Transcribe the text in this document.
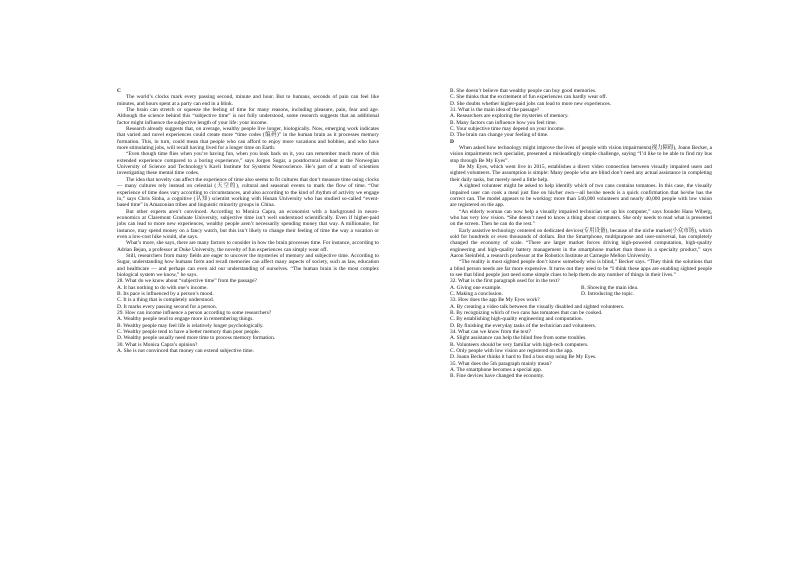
C

The world’s clocks mark every passing second, minute and hour. But to humans, seconds of pain can feel like minutes, and hours spent at a party can end in a blink.

The brain can stretch or squeeze the feeling of time for many reasons, including pleasure, pain, fear and age. Although the science behind this “subjective time” is not fully understood, some research suggests that an additional factor might influence the subjective length of your life: your income.

Research already suggests that, on average, wealthy people live longer, biologically. Now, emerging work indicates that varied and novel experiences could create more “time codes (编码)” in the human brain as it processes memory formation. This, in turn, could mean that people who can afford to enjoy more vacations and hobbies, and who have more stimulating jobs, will recall having lived for a longer time on Earth.

“Even though time flies when you’re having fun, when you look back on it, you can remember much more of this extended experience compared to a boring experience,” says Jorgen Sugar, a postdoctoral student at the Norwegian University of Science and Technology’s Kavli Institute for Systems Neuroscience. He’s part of a team of scientists investigating these mental time codes.

The idea that novelty can affect the experience of time also seems to fit cultures that don’t measure time using clocks — many cultures rely instead on celestial (天空的), cultural and seasonal events to mark the flow of time. “Our experience of time does vary according to circumstances, and also according to the kind of rhythm of activity we engage in,” says Chris Sinha, a cognitive (认知) scientist working with Hunan University who has studied so-called “event-based time” in Amazonian tribes and linguistic minority groups in China.

But other experts aren’t convinced. According to Monica Capra, an economist with a background in neuro-economics at Claremont Graduate University, subjective time isn’t well understood scientifically. Even if higher-paid jobs can lead to more new experiences, wealthy people aren’t necessarily spending money that way. A millionaire, for instance, may spend money on a fancy watch, but this isn’t likely to change their feeling of time the way a vacation or even a low-cost hike would, she says.

What’s more, she says, there are many factors to consider in how the brain processes time. For instance, according to Adrian Bejan, a professor at Duke University, the novelty of fun experiences can simply wear off.

Still, researchers from many fields are eager to uncover the mysteries of memory and subjective time. According to Sugar, understanding how humans form and recall memories can affect many aspects of society, such as law, education and healthcare — and perhaps can even aid our understanding of ourselves. “The human brain is the most complex biological system we know,” he says.

28. What do we know about “subjective time” from the passage?

A. It has nothing to do with one’s income.

B. Its pace is influenced by a person’s mood.

C. It is a thing that is completely understood.

D. It marks every passing second for a person.

29. How can income influence a person according to some researchers?

A. Wealthy people tend to engage more in remembering things.

B. Wealthy people may feel life is relatively longer psychologically.

C. Wealthy people tend to have a better memory than poor people.

D. Wealthy people usually need more time to process memory formation.

30. What is Monica Capra’s opinion?

A. She is not convinced that money can extend subjective time.

B. She doesn’t believe that wealthy people can buy good memories.

C. She thinks that the excitement of fun experiences can hardly wear off.

D. She doubts whether higher-paid jobs can lead to more new experiences.

31. What is the main idea of the passage?

A. Researchers are exploring the mysteries of memory.

B. Many factors can influence how you feel time.

C. Your subjective time may depend on your income.

D. The brain can change your feeling of time.

D

When asked how technology might improve the lives of people with vision impairments(视力障碍), Joann Becker, a vision impairments tech specialist, presented a misleadingly simple challenge, saying “I’d like to be able to find my bus stop through Be My Eyes”.

Be My Eyes, which went live in 2015, establishes a direct video connection between visually impaired users and sighted volunteers. The assumption is simple: Many people who are blind don’t need any actual assistance in completing their daily tasks, but merely need a little help.

A sighted volunteer might be asked to help identify which of two cans contains tomatoes. In this case, the visually impaired user can cook a meal just fine on his/her own—all he/she needs is a quick confirmation that he/she has the correct can. The model appears to be working: more than 540,000 volunteers and nearly 40,000 people with low vision are registered on the app.

“An elderly woman can now help a visually impaired technician set up his computer,” says founder Hans Wiberg, who has very low vision. “She doesn’t need to know a thing about computers. She only needs to read what is presented on the screen. Then he can do the rest.”

Early assistive technology centered on dedicated devices(专用设备), because of the niche market(小众市场), which sold for hundreds or even thousands of dollars. But the Smartphone, multipurpose and user-universal, has completely changed the economy of scale. “There are larger market forces driving high-powered computation, high-quality engineering and high-quality battery management in the smartphone market than those in a specialty product,” says Aaron Steinfeld, a research professor at the Robotics Institute at Carnegie Mellon University.

“The reality is most sighted people don’t know somebody who is blind,” Becker says. “They think the solutions that a blind person needs are far more expensive. It turns out they need to be “I think these apps are enabling sighted people to see that blind people just need some simple clues to help them do any number of things in their lives.”

32. What is the first paragraph used for in the text?

A. Giving one example.	B. Showing the main idea.
C. Making a conclusion.	D. Introducing the topic.

33. How does the app Be My Eyes work?

A. By creating a video talk between the visually disabled and sighted volunteers.

B. By recognizing which of two cans has tomatoes that can be cooked.

C. By establishing high-quality engineering and computation.

D. By finishing the everyday tasks of the technician and volunteers.

34. What can we know from the text?

A. Slight assistance can help the blind free from some troubles.

B. Volunteers should be very familiar with high-tech computers.

C. Only people with low vision are registered on the app.

D. Joann Becker thinks it hard to find a bus stop using Be My Eyes.

35. What does the 5th paragraph mainly mean?

A. The smartphone becomes a special app.

B. Fine devices have changed the economy.
